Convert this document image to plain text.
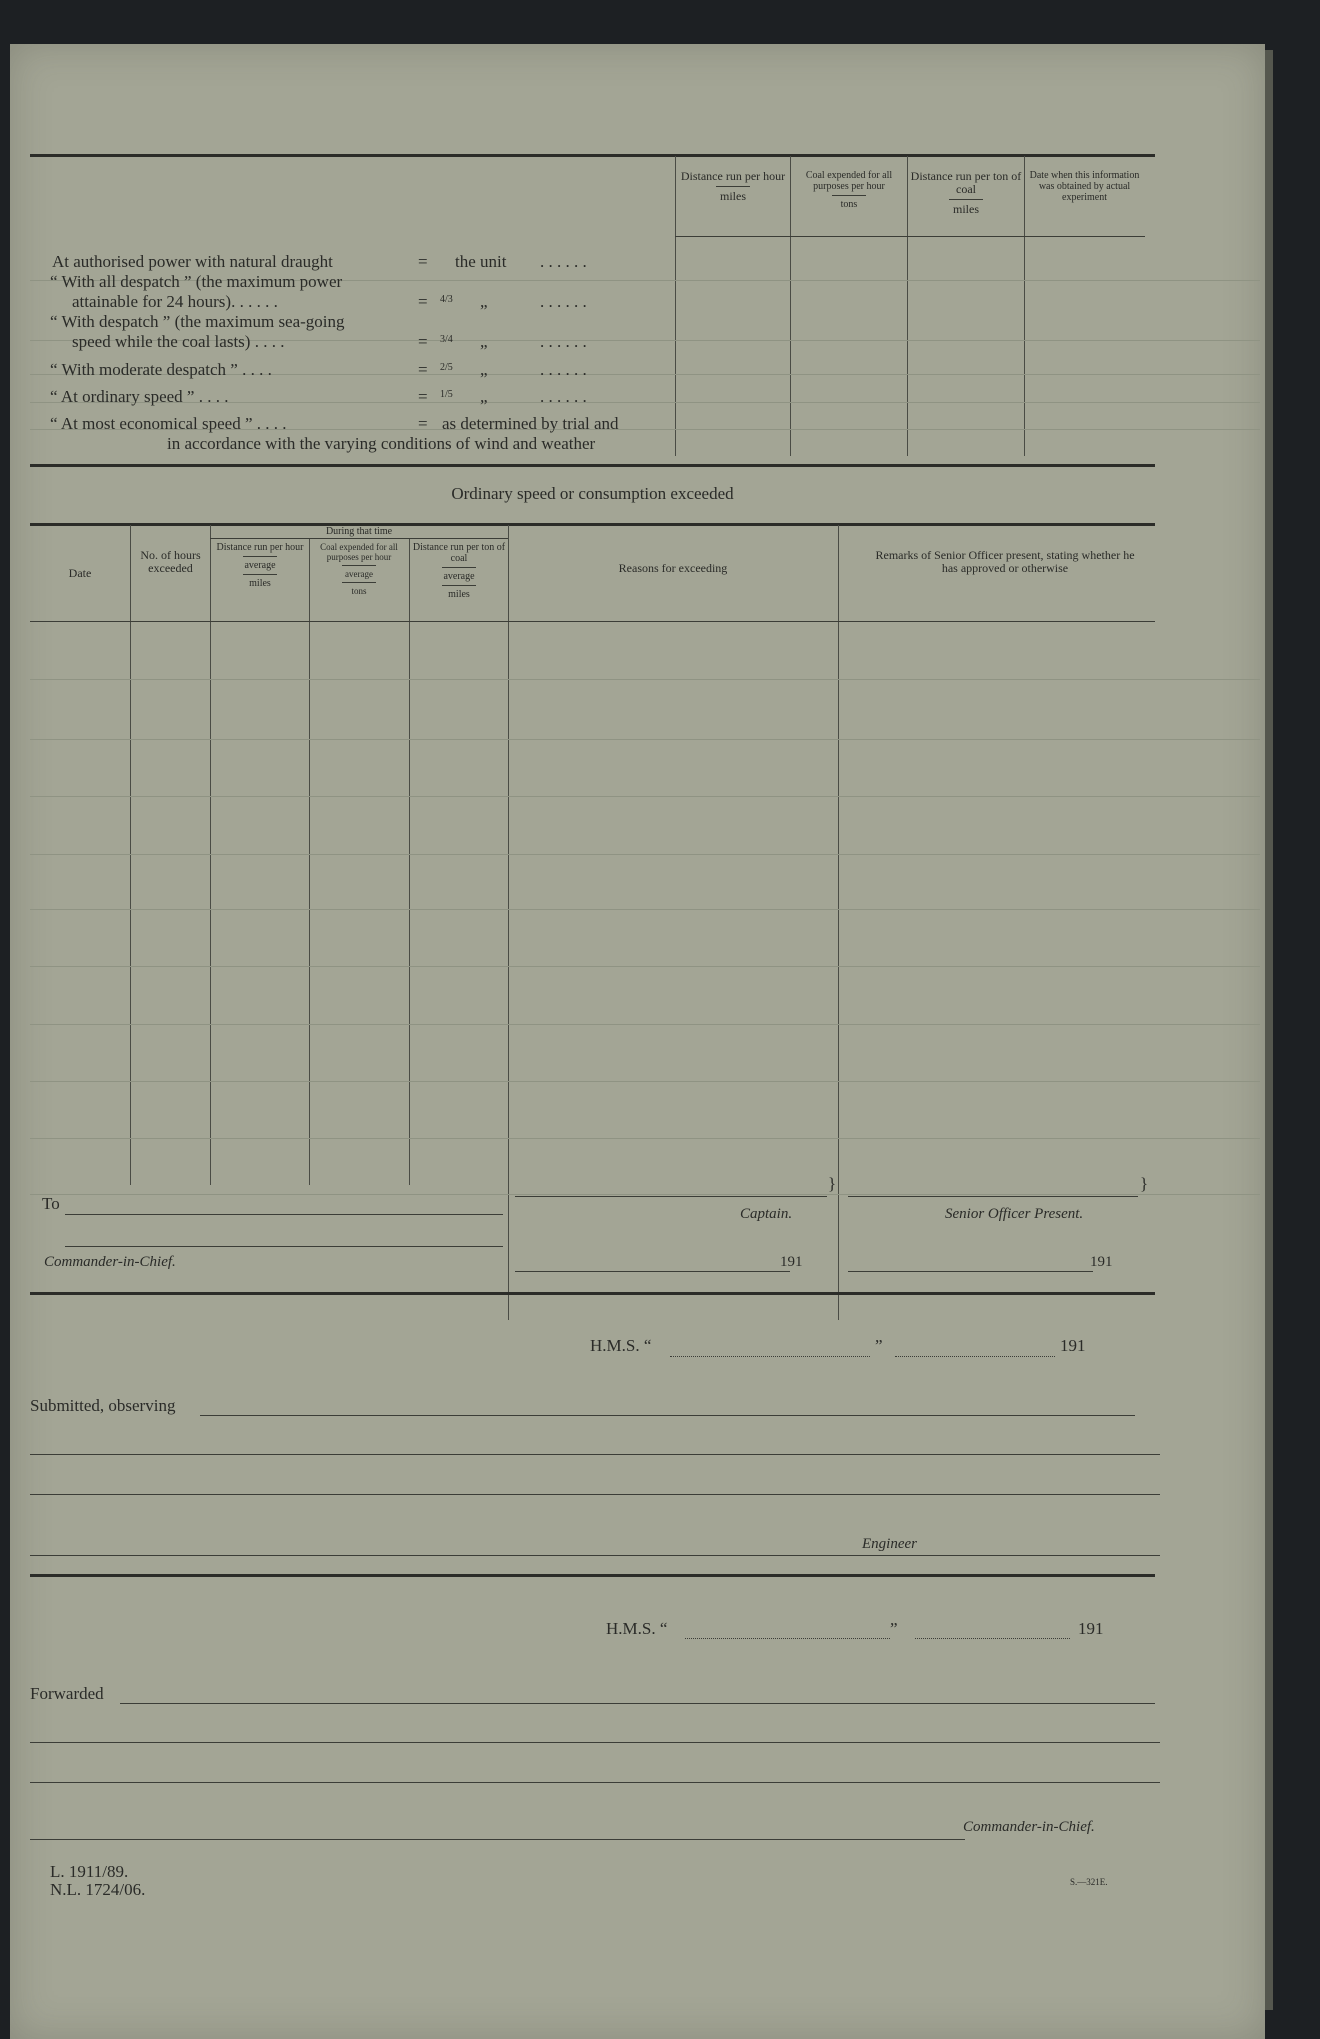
Distance run per hour
miles
Coal expended for all purposes per hour
tons
Distance run per ton of coal
miles
Date when this information was obtained by actual experiment
At authorised power with natural draught	= the unit . . . . . .
“ With all despatch ” (the maximum power
attainable for 24 hours). . . . . .	= 4/3 „	. . . . . .
“ With despatch ” (the maximum sea-going
speed while the coal lasts) . . . .	= 3/4 „	. . . . . .
“ With moderate despatch ” . . . .	= 2/5 „	. . . . . .
“ At ordinary speed ” . . . .	= 1/5 „	. . . . . .
“ At most economical speed ” . . . .	= as determined by trial and
in accordance with the varying conditions of wind and weather
Ordinary speed or consumption exceeded
Date
No. of hours exceeded
During that time
Distance run per hour
average
miles
Coal expended for all purposes per hour
average
tons
Distance run per ton of coal
average
miles
Reasons for exceeding
Remarks of Senior Officer present, stating whether he has approved or otherwise
To
Commander-in-Chief.
Captain.
}
191
Senior Officer Present.
}
191
H.M.S. “	”	191
Submitted, observing
Engineer
H.M.S. “	”	191
Forwarded
Commander-in-Chief.
L. 1911/89.
N.L. 1724/06.	S.—321E.
